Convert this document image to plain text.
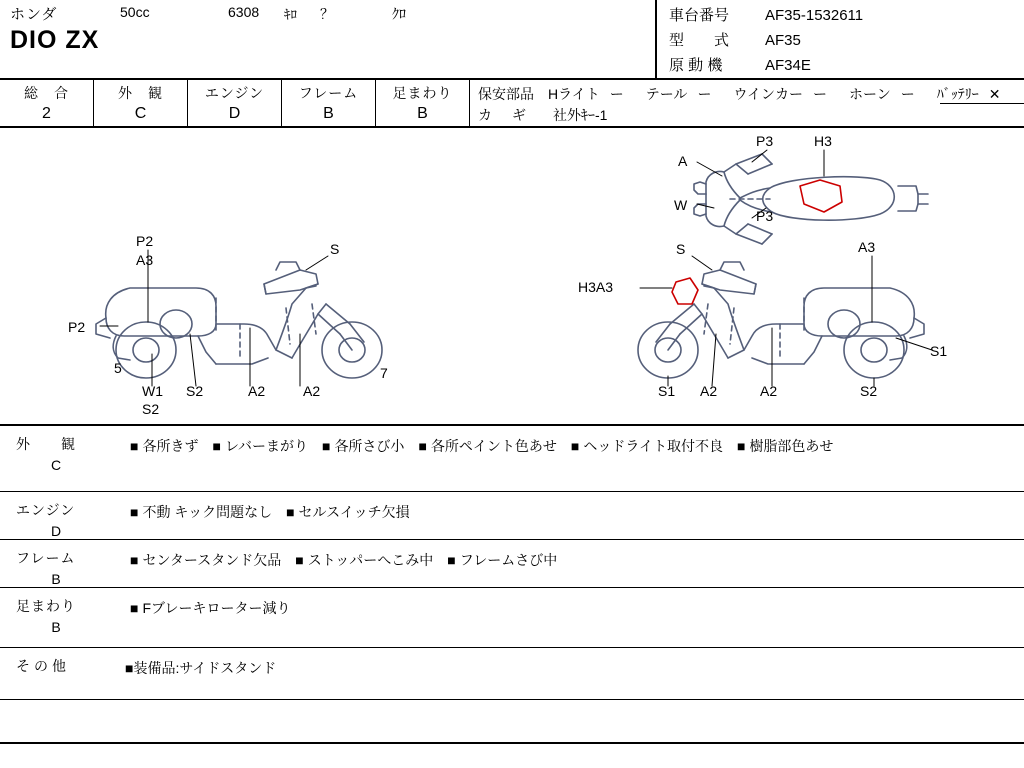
ホンダ	50cc	6308 ｷﾛ ？	ｸﾛ
DIO ZX
車台番号 AF35-1532611
型　　式 AF35
原 動 機	AF34E
総　合
2
外　観
C
エンジン
D
フレーム
B
足まわり
B
保安部品 Hライト ー テール ー ウインカー ー ホーン ー ﾊﾞｯﾃﾘｰ ✕
カ　ギ 社外ｷｰ-1
P3	H3
A
W
P3
P2
A3
S
P2
5
W1 S2
S2
A2	A2
7
S	A3
H3A3
S1
S1 A2	A2	S2
外　　観
C
■ 各所きず ■ レバーまがり ■ 各所さび小 ■ 各所ペイント色あせ ■ ヘッドライト取付不良 ■ 樹脂部色あせ
エンジン
D
■ 不動 キック問題なし ■ セルスイッチ欠損
フレーム
B
■ センタースタンド欠品 ■ ストッパーへこみ中 ■ フレームさび中
足まわり
B
■ Fブレーキローター減り
その他	■装備品:サイドスタンド
